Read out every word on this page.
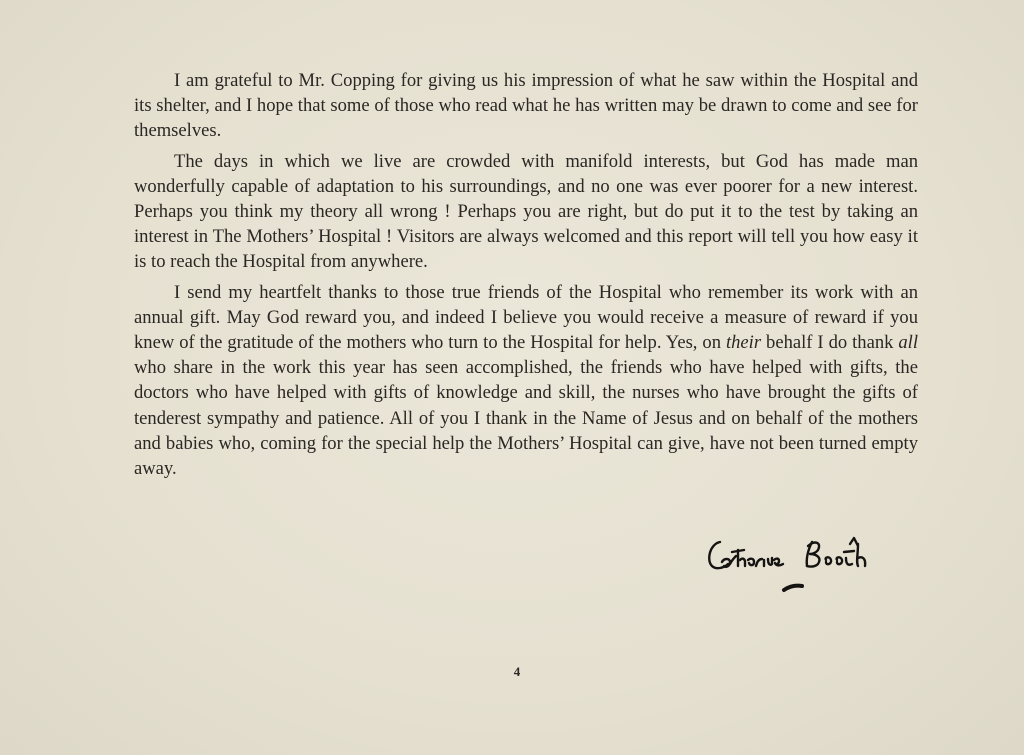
I am grateful to Mr. Copping for giving us his impression of what he saw within the Hospital and its shelter, and I hope that some of those who read what he has written may be drawn to come and see for themselves.

The days in which we live are crowded with manifold interests, but God has made man wonderfully capable of adaptation to his surroundings, and no one was ever poorer for a new interest. Perhaps you think my theory all wrong ! Perhaps you are right, but do put it to the test by taking an interest in The Mothers’ Hospital ! Visitors are always welcomed and this report will tell you how easy it is to reach the Hospital from anywhere.

I send my heartfelt thanks to those true friends of the Hospital who remember its work with an annual gift. May God reward you, and indeed I believe you would receive a measure of reward if you knew of the gratitude of the mothers who turn to the Hospital for help. Yes, on their behalf I do thank all who share in the work this year has seen accomplished, the friends who have helped with gifts, the doctors who have helped with gifts of knowledge and skill, the nurses who have brought the gifts of tenderest sympathy and patience. All of you I thank in the Name of Jesus and on behalf of the mothers and babies who, coming for the special help the Mothers’ Hospital can give, have not been turned empty away.

4
